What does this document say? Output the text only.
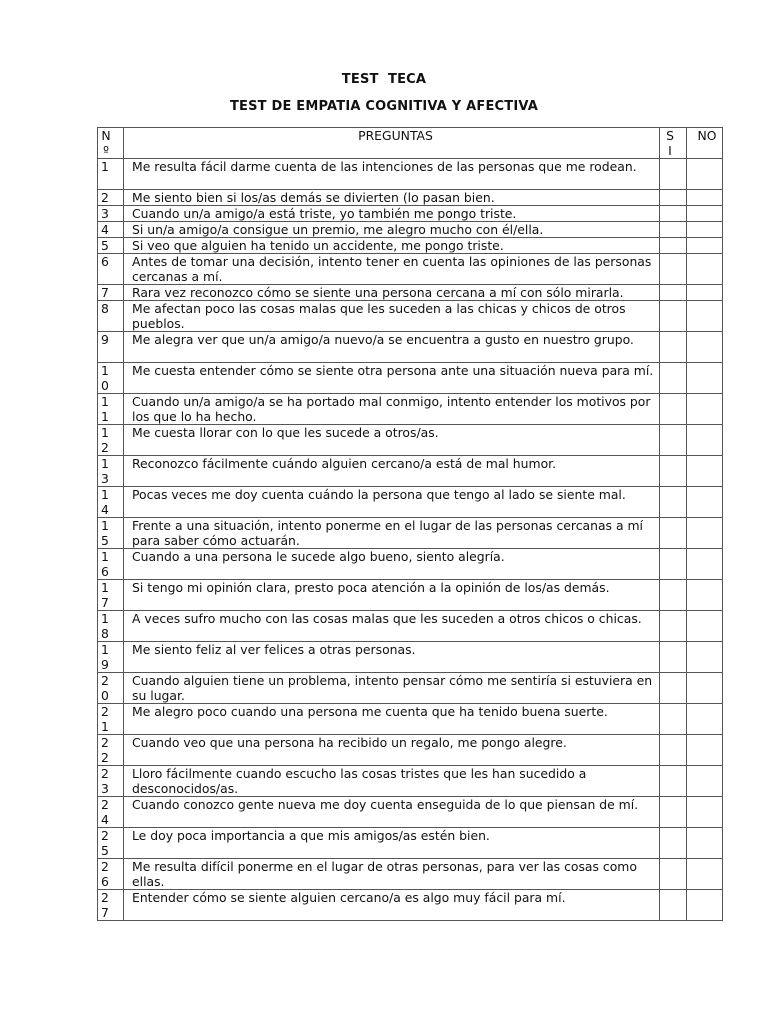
TEST  TECA
TEST DE EMPATIA COGNITIVA Y AFECTIVA
Nº	PREGUNTAS	SI	NO

1	Me resulta fácil darme cuenta de las intenciones de las personas que me rodean.		

2	Me siento bien si los/as demás se divierten (lo pasan bien.		

3	Cuando un/a amigo/a está triste, yo también me pongo triste.		

4	Si un/a amigo/a consigue un premio, me alegro mucho con él/ella.		

5	Si veo que alguien ha tenido un accidente, me pongo triste.		

6	Antes de tomar una decisión, intento tener en cuenta las opiniones de las personas cercanas a mí.		

7	Rara vez reconozco cómo se siente una persona cercana a mí con sólo mirarla.		

8	Me afectan poco las cosas malas que les suceden a las chicas y chicos de otros pueblos.		

9	Me alegra ver que un/a amigo/a nuevo/a se encuentra a gusto en nuestro grupo.		

10	Me cuesta entender cómo se siente otra persona ante una situación nueva para mí.		

11	Cuando un/a amigo/a se ha portado mal conmigo, intento entender los motivos por los que lo ha hecho.		

12	Me cuesta llorar con lo que les sucede a otros/as.		

13	Reconozco fácilmente cuándo alguien cercano/a está de mal humor.		

14	Pocas veces me doy cuenta cuándo la persona que tengo al lado se siente mal.		

15	Frente a una situación, intento ponerme en el lugar de las personas cercanas a mí para saber cómo actuarán.		

16	Cuando a una persona le sucede algo bueno, siento alegría.		

17	Si tengo mi opinión clara, presto poca atención a la opinión de los/as demás.		

18	A veces sufro mucho con las cosas malas que les suceden a otros chicos o chicas.		

19	Me siento feliz al ver felices a otras personas.		

20	Cuando alguien tiene un problema, intento pensar cómo me sentiría si estuviera en su lugar.		

21	Me alegro poco cuando una persona me cuenta que ha tenido buena suerte.		

22	Cuando veo que una persona ha recibido un regalo, me pongo alegre.		

23	Lloro fácilmente cuando escucho las cosas tristes que les han sucedido a desconocidos/as.		

24	Cuando conozco gente nueva me doy cuenta enseguida de lo que piensan de mí.		

25	Le doy poca importancia a que mis amigos/as estén bien.		

26	Me resulta difícil ponerme en el lugar de otras personas, para ver las cosas como ellas.		

27	Entender cómo se siente alguien cercano/a es algo muy fácil para mí.		
